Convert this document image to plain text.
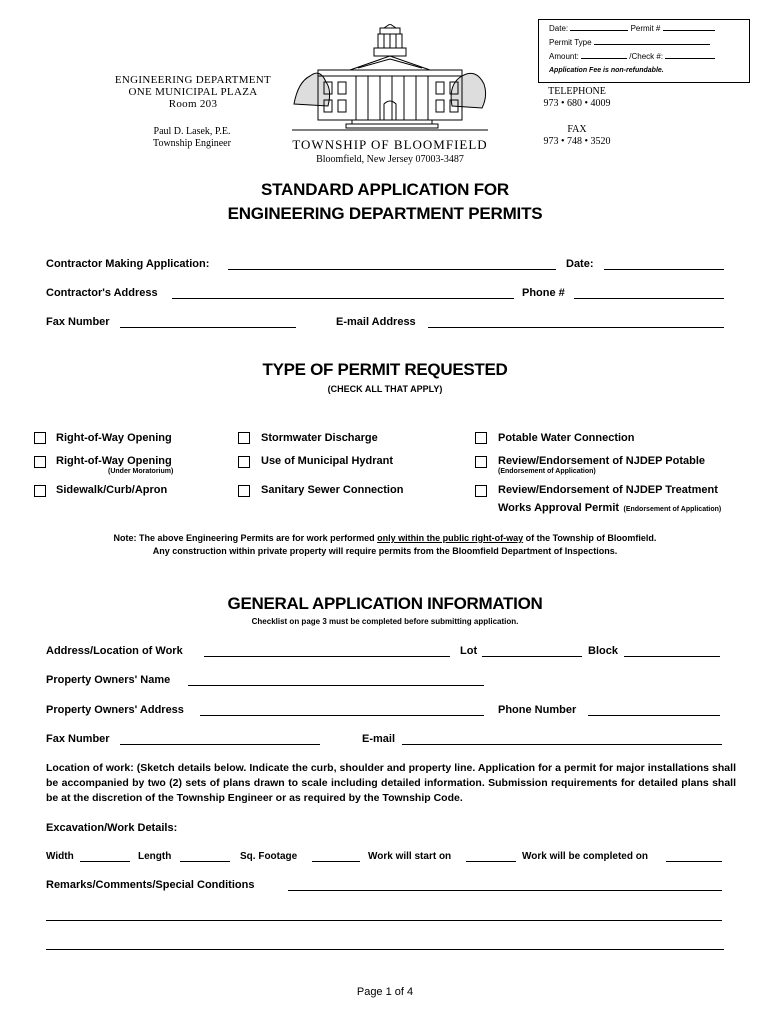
Date:	Permit #
Permit Type
Amount:	/Check #:
Application Fee is non-refundable.
ENGINEERING DEPARTMENT
ONE MUNICIPAL PLAZA
Room 203
Paul D. Lasek, P.E.
Township Engineer	TOWNSHIP OF BLOOMFIELD
Bloomfield, New Jersey 07003-3487
TELEPHONE
973 • 680 • 4009
FAX
973 • 748 • 3520
STANDARD APPLICATION FOR
ENGINEERING DEPARTMENT PERMITS
Contractor Making Application:	Date:
Contractor's Address	Phone #
Fax Number	E-mail Address
TYPE OF PERMIT REQUESTED
(CHECK ALL THAT APPLY)
Right-of-Way Opening
Right-of-Way Opening
(Under Moratorium)
Sidewalk/Curb/Apron
Stormwater Discharge
Use of Municipal Hydrant
Sanitary Sewer Connection
Potable Water Connection
Review/Endorsement of NJDEP Potable
(Endorsement of Application)
Review/Endorsement of NJDEP Treatment
Works Approval Permit (Endorsement of Application)
Note: The above Engineering Permits are for work performed only within the public right-of-way of the Township of Bloomfield.
Any construction within private property will require permits from the Bloomfield Department of Inspections.
GENERAL APPLICATION INFORMATION
Checklist on page 3 must be completed before submitting application.
Address/Location of Work	Lot	Block
Property Owners' Name
Property Owners' Address	Phone Number
Fax Number	E-mail
Location of work: (Sketch details below. Indicate the curb, shoulder and property line. Application for a permit for major installations shall be accompanied by two (2) sets of plans drawn to scale including detailed information. Submission requirements for detailed plans shall be at the discretion of the Township Engineer or as required by the Township Code.
Excavation/Work Details:
Width	Length	Sq. Footage	Work will start on	Work will be completed on
Remarks/Comments/Special Conditions
Page 1 of 4
